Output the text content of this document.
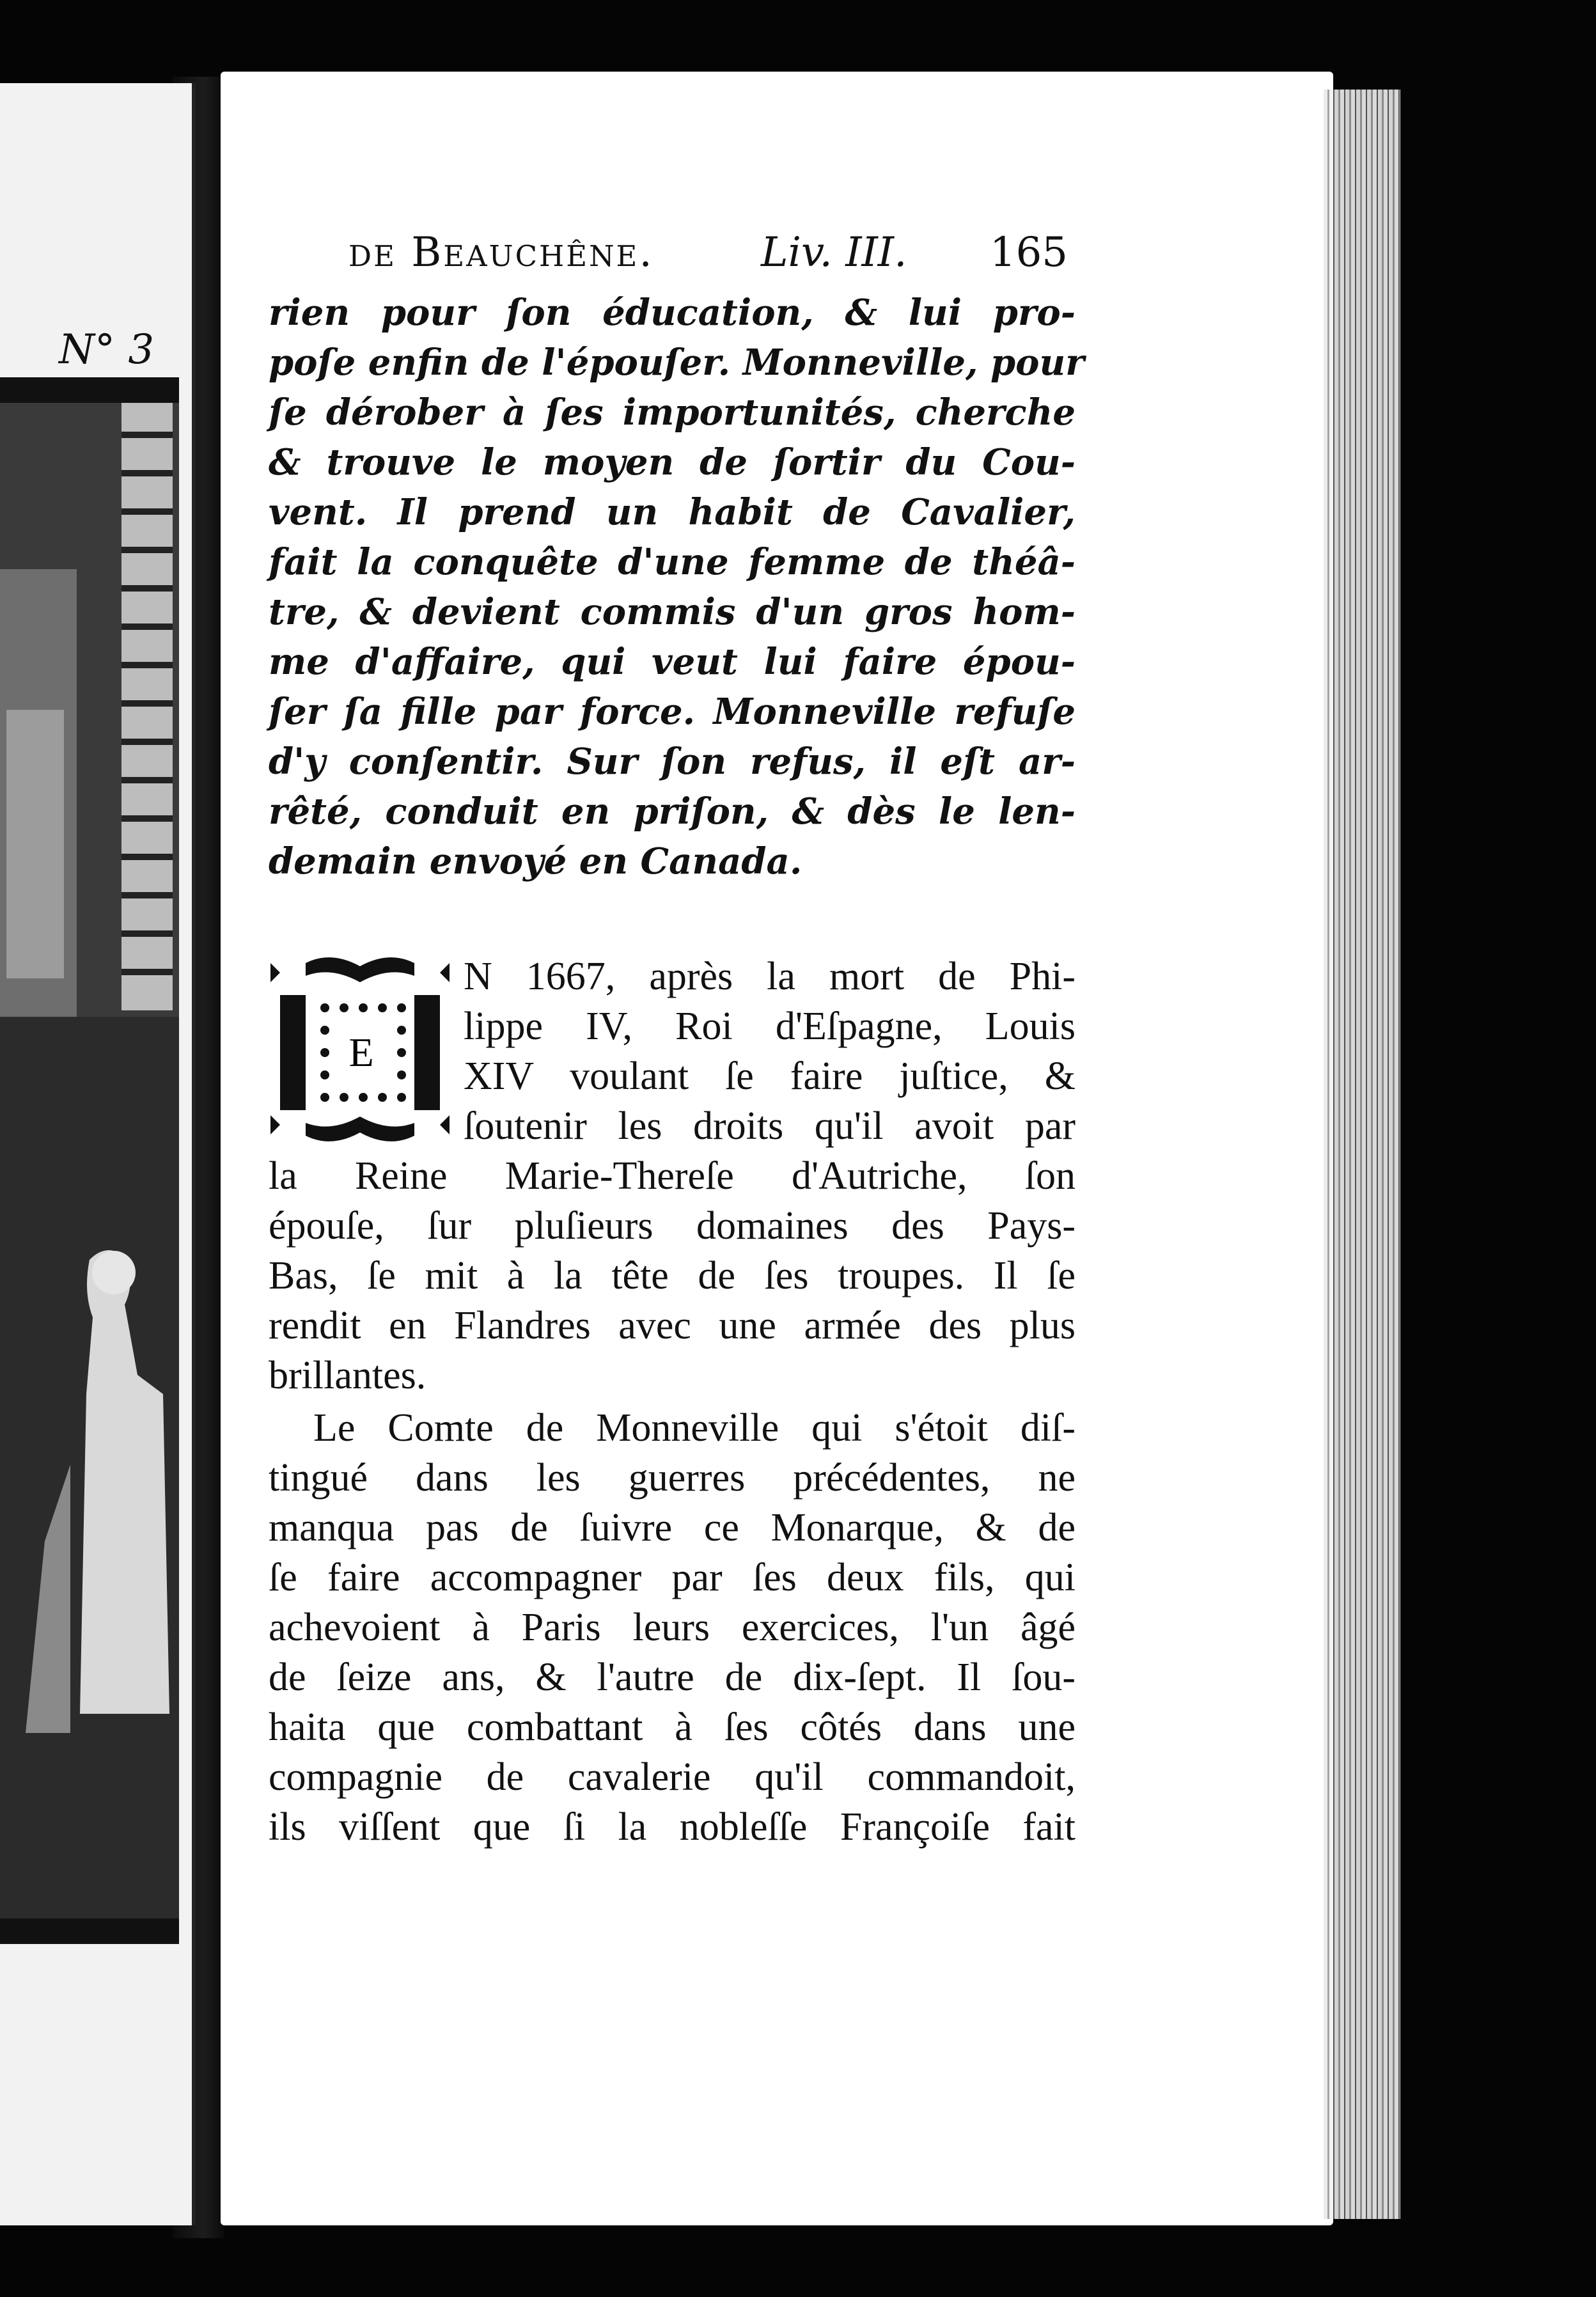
N° 3
de Beauchêne.	Liv. III. 165
rien pour ſon éducation, & lui pro-
poſe enfin de l'épouſer. Monneville, pour
ſe dérober à ſes importunités, cherche
& trouve le moyen de ſortir du Cou-
vent. Il prend un habit de Cavalier,
fait la conquête d'une femme de théâ-
tre, & devient commis d'un gros hom-
me d'affaire, qui veut lui faire épou-
ſer ſa fille par force. Monneville refuſe
d'y conſentir. Sur ſon refus, il eſt ar-
rêté, conduit en priſon, & dès le len-
demain envoyé en Canada.
E
N 1667, après la mort de Phi-
lippe IV, Roi d'Eſpagne, Louis
XIV voulant ſe faire juſtice, &
ſoutenir les droits qu'il avoit par
la Reine Marie-Thereſe d'Autriche, ſon
épouſe, ſur pluſieurs domaines des Pays-
Bas, ſe mit à la tête de ſes troupes. Il ſe
rendit en Flandres avec une armée des plus
brillantes.
Le Comte de Monneville qui s'étoit diſ-
tingué dans les guerres précédentes, ne
manqua pas de ſuivre ce Monarque, & de
ſe faire accompagner par ſes deux fils, qui
achevoient à Paris leurs exercices, l'un âgé
de ſeize ans, & l'autre de dix-ſept. Il ſou-
haita que combattant à ſes côtés dans une
compagnie de cavalerie qu'il commandoit,
ils viſſent que ſi la nobleſſe Françoiſe fait
